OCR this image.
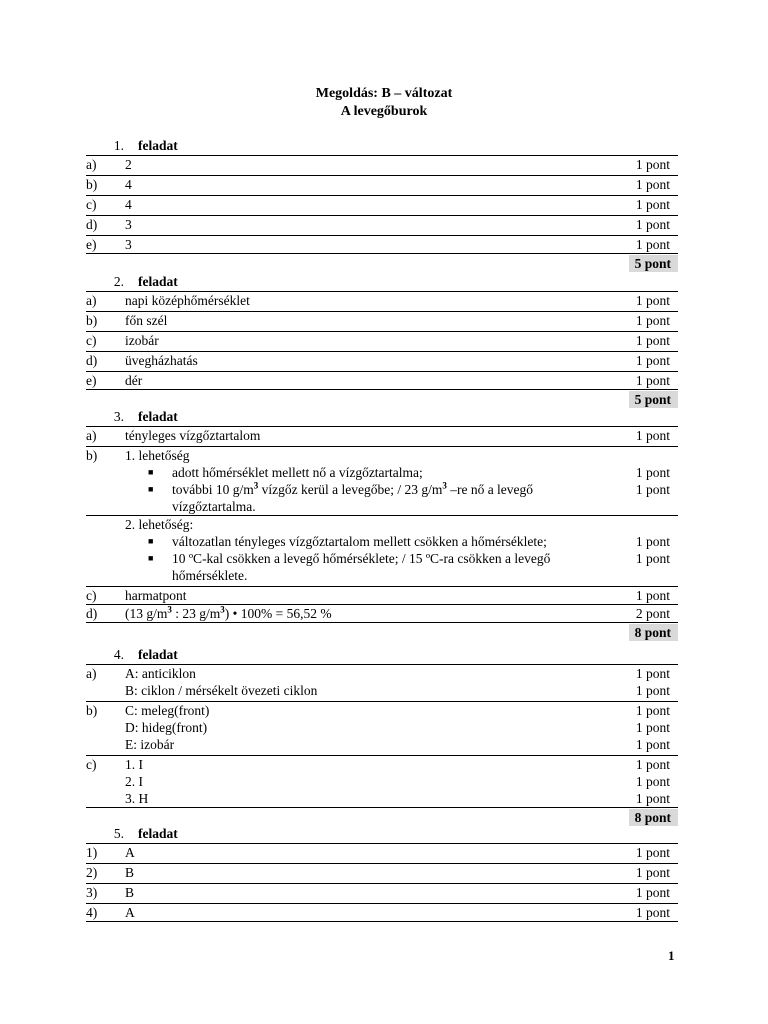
Megoldás: B – változat
A levegőburok
1. feladat
a)	2	1 pont
b)	4	1 pont
c)	4	1 pont
d)	3	1 pont
e)	3	1 pont
5 pont
2. feladat
a)	napi középhőmérséklet	1 pont
b)	főn szél	1 pont
c)	izobár	1 pont
d)	üvegházhatás	1 pont
e)	dér	1 pont
5 pont
3. feladat
a)	tényleges vízgőztartalom	1 pont
b)	1. lehetőség
■ adott hőmérséklet mellett nő a vízgőztartalma;	1 pont
■ további 10 $g/m^3$ vízgőz kerül a levegőbe; / 23 $g/m^3$ –re nő a levegő	1 pont
vízgőztartalma.
2. lehetőség:
■ változatlan tényleges vízgőztartalom mellett csökken a hőmérséklete;	1 pont
■ 10 ºC-kal csökken a levegő hőmérséklete; / 15 ºC-ra csökken a levegő	1 pont
hőmérséklete.
c)	harmatpont	1 pont
d)	(13 $g/m^3$ : 23 $g/m^3$) • 100% = 56,52 %	2 pont
8 pont
4. feladat
a)	A: anticiklon	1 pont
B: ciklon / mérsékelt övezeti ciklon	1 pont
b)	C: meleg(front)	1 pont
D: hideg(front)	1 pont
E: izobár	1 pont
c)	1. I	1 pont
2. I	1 pont
3. H	1 pont
8 pont
5. feladat
1)	A	1 pont
2)	B	1 pont
3)	B	1 pont
4)	A	1 pont
1
